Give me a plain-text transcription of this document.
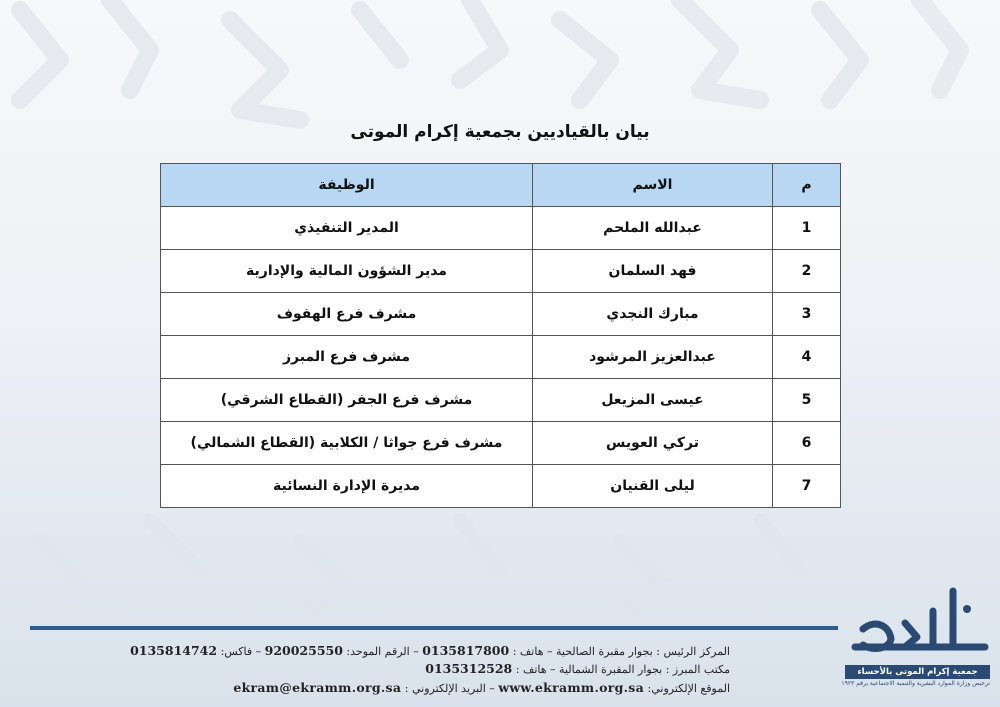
بيان بالقياديين بجمعية إكرام الموتى
م	الاسم	الوظيفة
1	عبدالله الملحم	المدير التنفيذي
2	فهد السلمان	مدير الشؤون المالية والإدارية
3	مبارك النجدي	مشرف فرع الهفوف
4	عبدالعزيز المرشود	مشرف فرع المبرز
5	عيسى المزيعل	مشرف فرع الجفر (القطاع الشرقي)
6	تركي العويس	مشرف فرع جواثا / الكلابية (القطاع الشمالي)
7	ليلى القنيان	مديرة الإدارة النسائية
المركز الرئيس : بجوار مقبرة الصالحية – هاتف : 0135817800 – الرقم الموحد: 920025550 – فاكس: 0135814742
مكتب المبرز : بجوار المقبرة الشمالية – هاتف : 0135312528
الموقع الإلكتروني: www.ekramm.org.sa – البريد الإلكتروني : ekram@ekramm.org.sa
جمعية إكرام الموتى بالأحساء
ترخيص وزارة الموارد البشرية والتنمية الاجتماعية برقم ١٩٢٣
